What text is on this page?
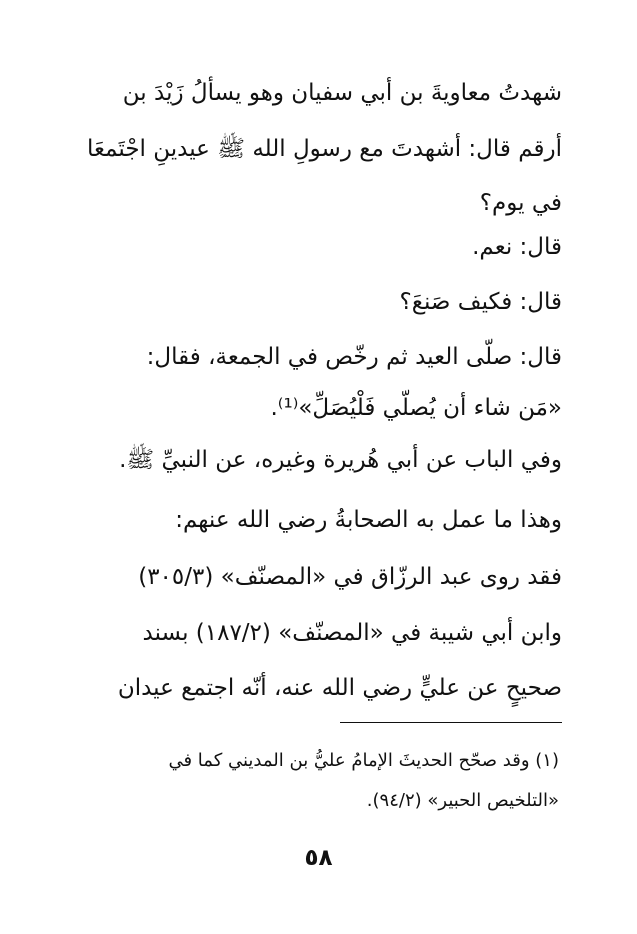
شهدتُ معاويةَ بن أبي سفيان وهو يسألُ زَيْدَ بن
أرقم قال: أشهدتَ مع رسولِ الله ﷺ عيدينِ اجْتَمعَا
في يوم؟
قال: نعم.
قال: فكيف صَنعَ؟
قال: صلّى العيد ثم رخّص في الجمعة، فقال:
«مَن شاء أن يُصلّي فَلْيُصَلِّ»⁽¹⁾.
وفي الباب عن أبي هُريرة وغيره، عن النبيِّ ﷺ.
وهذا ما عمل به الصحابةُ رضي الله عنهم:
فقد روى عبد الرزّاق في «المصنّف» (٣٠٥/٣)
وابن أبي شيبة في «المصنّف» (١٨٧/٢) بسند
صحيحٍ عن عليٍّ رضي الله عنه، أنّه اجتمع عيدان
(١) وقد صحّح الحديثَ الإمامُ عليُّ بن المديني كما في
«التلخيص الحبير» (٩٤/٢).
٥٨
